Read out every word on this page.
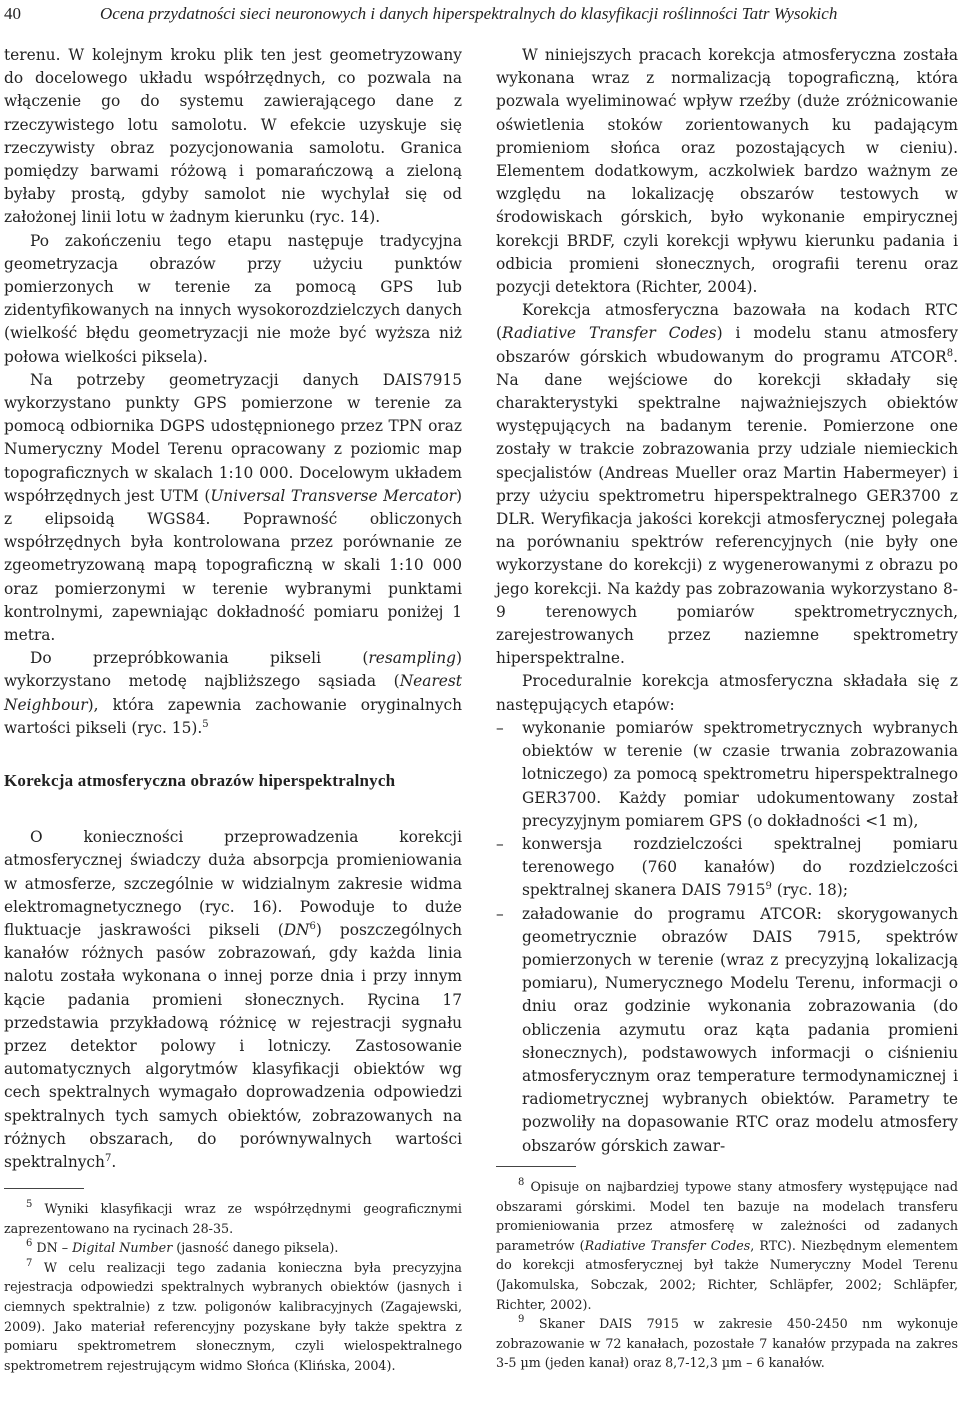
40	Ocena przydatności sieci neuronowych i danych hiperspektralnych do klasyfikacji roślinności Tatr Wysokich

terenu. W kolejnym kroku plik ten jest geometryzowany do docelowego układu współrzędnych, co pozwala na włączenie go do systemu zawierającego dane z rzeczywistego lotu samolotu. W efekcie uzyskuje się rzeczywisty obraz pozycjonowania samolotu. Granica pomiędzy barwami różową i pomarańczową a zieloną byłaby prostą, gdyby samolot nie wychylał się od założonej linii lotu w żadnym kierunku (ryc. 14).

Po zakończeniu tego etapu następuje tradycyjna geometryzacja obrazów przy użyciu punktów pomierzonych w terenie za pomocą GPS lub zidentyfikowanych na innych wysokorozdzielczych danych (wielkość błędu geometryzacji nie może być wyższa niż połowa wielkości piksela).

Na potrzeby geometryzacji danych DAIS7915 wykorzystano punkty GPS pomierzone w terenie za pomocą odbiornika DGPS udostępnionego przez TPN oraz Numeryczny Model Terenu opracowany z poziomic map topograficznych w skalach 1:10 000. Docelowym układem współrzędnych jest UTM (Universal Transverse Mercator) z elipsoidą WGS84. Poprawność obliczonych współrzędnych była kontrolowana przez porównanie ze zgeometryzowaną mapą topograficzną w skali 1:10 000 oraz pomierzonymi w terenie wybranymi punktami kontrolnymi, zapewniając dokładność pomiaru poniżej 1 metra.

Do przepróbkowania pikseli (resampling) wykorzystano metodę najbliższego sąsiada (Nearest Neighbour), która zapewnia zachowanie oryginalnych wartości pikseli (ryc. 15).$^5$

Korekcja atmosferyczna obrazów hiperspektralnych

O konieczności przeprowadzenia korekcji atmosferycznej świadczy duża absorpcja promieniowania w atmosferze, szczególnie w widzialnym zakresie widma elektromagnetycznego (ryc. 16). Powoduje to duże fluktuacje jaskrawości pikseli $(DN^6)$ poszczególnych kanałów różnych pasów zobrazowań, gdy każda linia nalotu została wykonana o innej porze dnia i przy innym kącie padania promieni słonecznych. Rycina 17 przedstawia przykładową różnicę w rejestracji sygnału przez detektor polowy i lotniczy. Zastosowanie automatycznych algorytmów klasyfikacji obiektów wg cech spektralnych wymagało doprowadzenia odpowiedzi spektralnych tych samych obiektów, zobrazowanych na różnych obszarach, do porównywalnych wartości spektralnych$^7$.

W niniejszych pracach korekcja atmosferyczna została wykonana wraz z normalizacją topograficzną, która pozwala wyeliminować wpływ rzeźby (duże zróżnicowanie oświetlenia stoków zorientowanych ku padającym promieniom słońca oraz pozostających w cieniu). Elementem dodatkowym, aczkolwiek bardzo ważnym ze względu na lokalizację obszarów testowych w środowiskach górskich, było wykonanie empirycznej korekcji BRDF, czyli korekcji wpływu kierunku padania i odbicia promieni słonecznych, orografii terenu oraz pozycji detektora (Richter, 2004).

Korekcja atmosferyczna bazowała na kodach RTC (Radiative Transfer Codes) i modelu stanu atmosfery obszarów górskich wbudowanym do programu ATCOR$^8$. Na dane wejściowe do korekcji składały się charakterystyki spektralne najważniejszych obiektów występujących na badanym terenie. Pomierzone one zostały w trakcie zobrazowania przy udziale niemieckich specjalistów (Andreas Mueller oraz Martin Habermeyer) i przy użyciu spektrometru hiperspektralnego GER3700 z DLR. Weryfikacja jakości korekcji atmosferycznej polegała na porównaniu spektrów referencyjnych (nie były one wykorzystane do korekcji) z wygenerowanymi z obrazu po jego korekcji. Na każdy pas zobrazowania wykorzystano 8-9 terenowych pomiarów spektrometrycznych, zarejestrowanych przez naziemne spektrometry hiperspektralne.

Proceduralnie korekcja atmosferyczna składała się z następujących etapów:

– wykonanie pomiarów spektrometrycznych wybranych obiektów w terenie (w czasie trwania zobrazowania lotniczego) za pomocą spektrometru hiperspektralnego GER3700. Każdy pomiar udokumentowany został precyzyjnym pomiarem GPS (o dokładności <1 m),
– konwersja rozdzielczości spektralnej pomiaru terenowego (760 kanałów) do rozdzielczości spektralnej skanera DAIS 7915$^9$ (ryc. 18);
– załadowanie do programu ATCOR: skorygowanych geometrycznie obrazów DAIS 7915, spektrów pomierzonych w terenie (wraz z precyzyjną lokalizacją pomiaru), Numerycznego Modelu Terenu, informacji o dniu oraz godzinie wykonania zobrazowania (do obliczenia azymutu oraz kąta padania promieni słonecznych), podstawowych informacji o ciśnieniu atmosferycznym oraz temperature termodynamicznej i radiometrycznej wybranych obiektów. Parametry te pozwoliły na dopasowanie RTC oraz modelu atmosfery obszarów górskich zawar-

$^5$ Wyniki klasyfikacji wraz ze współrzędnymi geograficznymi zaprezentowano na rycinach 28-35.

$^6$ DN – Digital Number (jasność danego piksela).

$^7$ W celu realizacji tego zadania konieczna była precyzyjna rejestracja odpowiedzi spektralnych wybranych obiektów (jasnych i ciemnych spektralnie) z tzw. poligonów kalibracyjnych (Zagajewski, 2009). Jako materiał referencyjny pozyskane były także spektra z pomiaru spektrometrem słonecznym, czyli wielospektralnego spektrometrem rejestrującym widmo Słońca (Klińska, 2004).

$^8$ Opisuje on najbardziej typowe stany atmosfery występujące nad obszarami górskimi. Model ten bazuje na modelach transferu promieniowania przez atmosferę w zależności od zadanych parametrów (Radiative Transfer Codes, RTC). Niezbędnym elementem do korekcji atmosferycznej był także Numeryczny Model Terenu (Jakomulska, Sobczak, 2002; Richter, Schläpfer, 2002; Schläpfer, Richter, 2002).

$^9$ Skaner DAIS 7915 w zakresie 450-2450 nm wykonuje zobrazowanie w 72 kanałach, pozostałe 7 kanałów przypada na zakres 3-5 µm (jeden kanał) oraz 8,7-12,3 µm – 6 kanałów.
